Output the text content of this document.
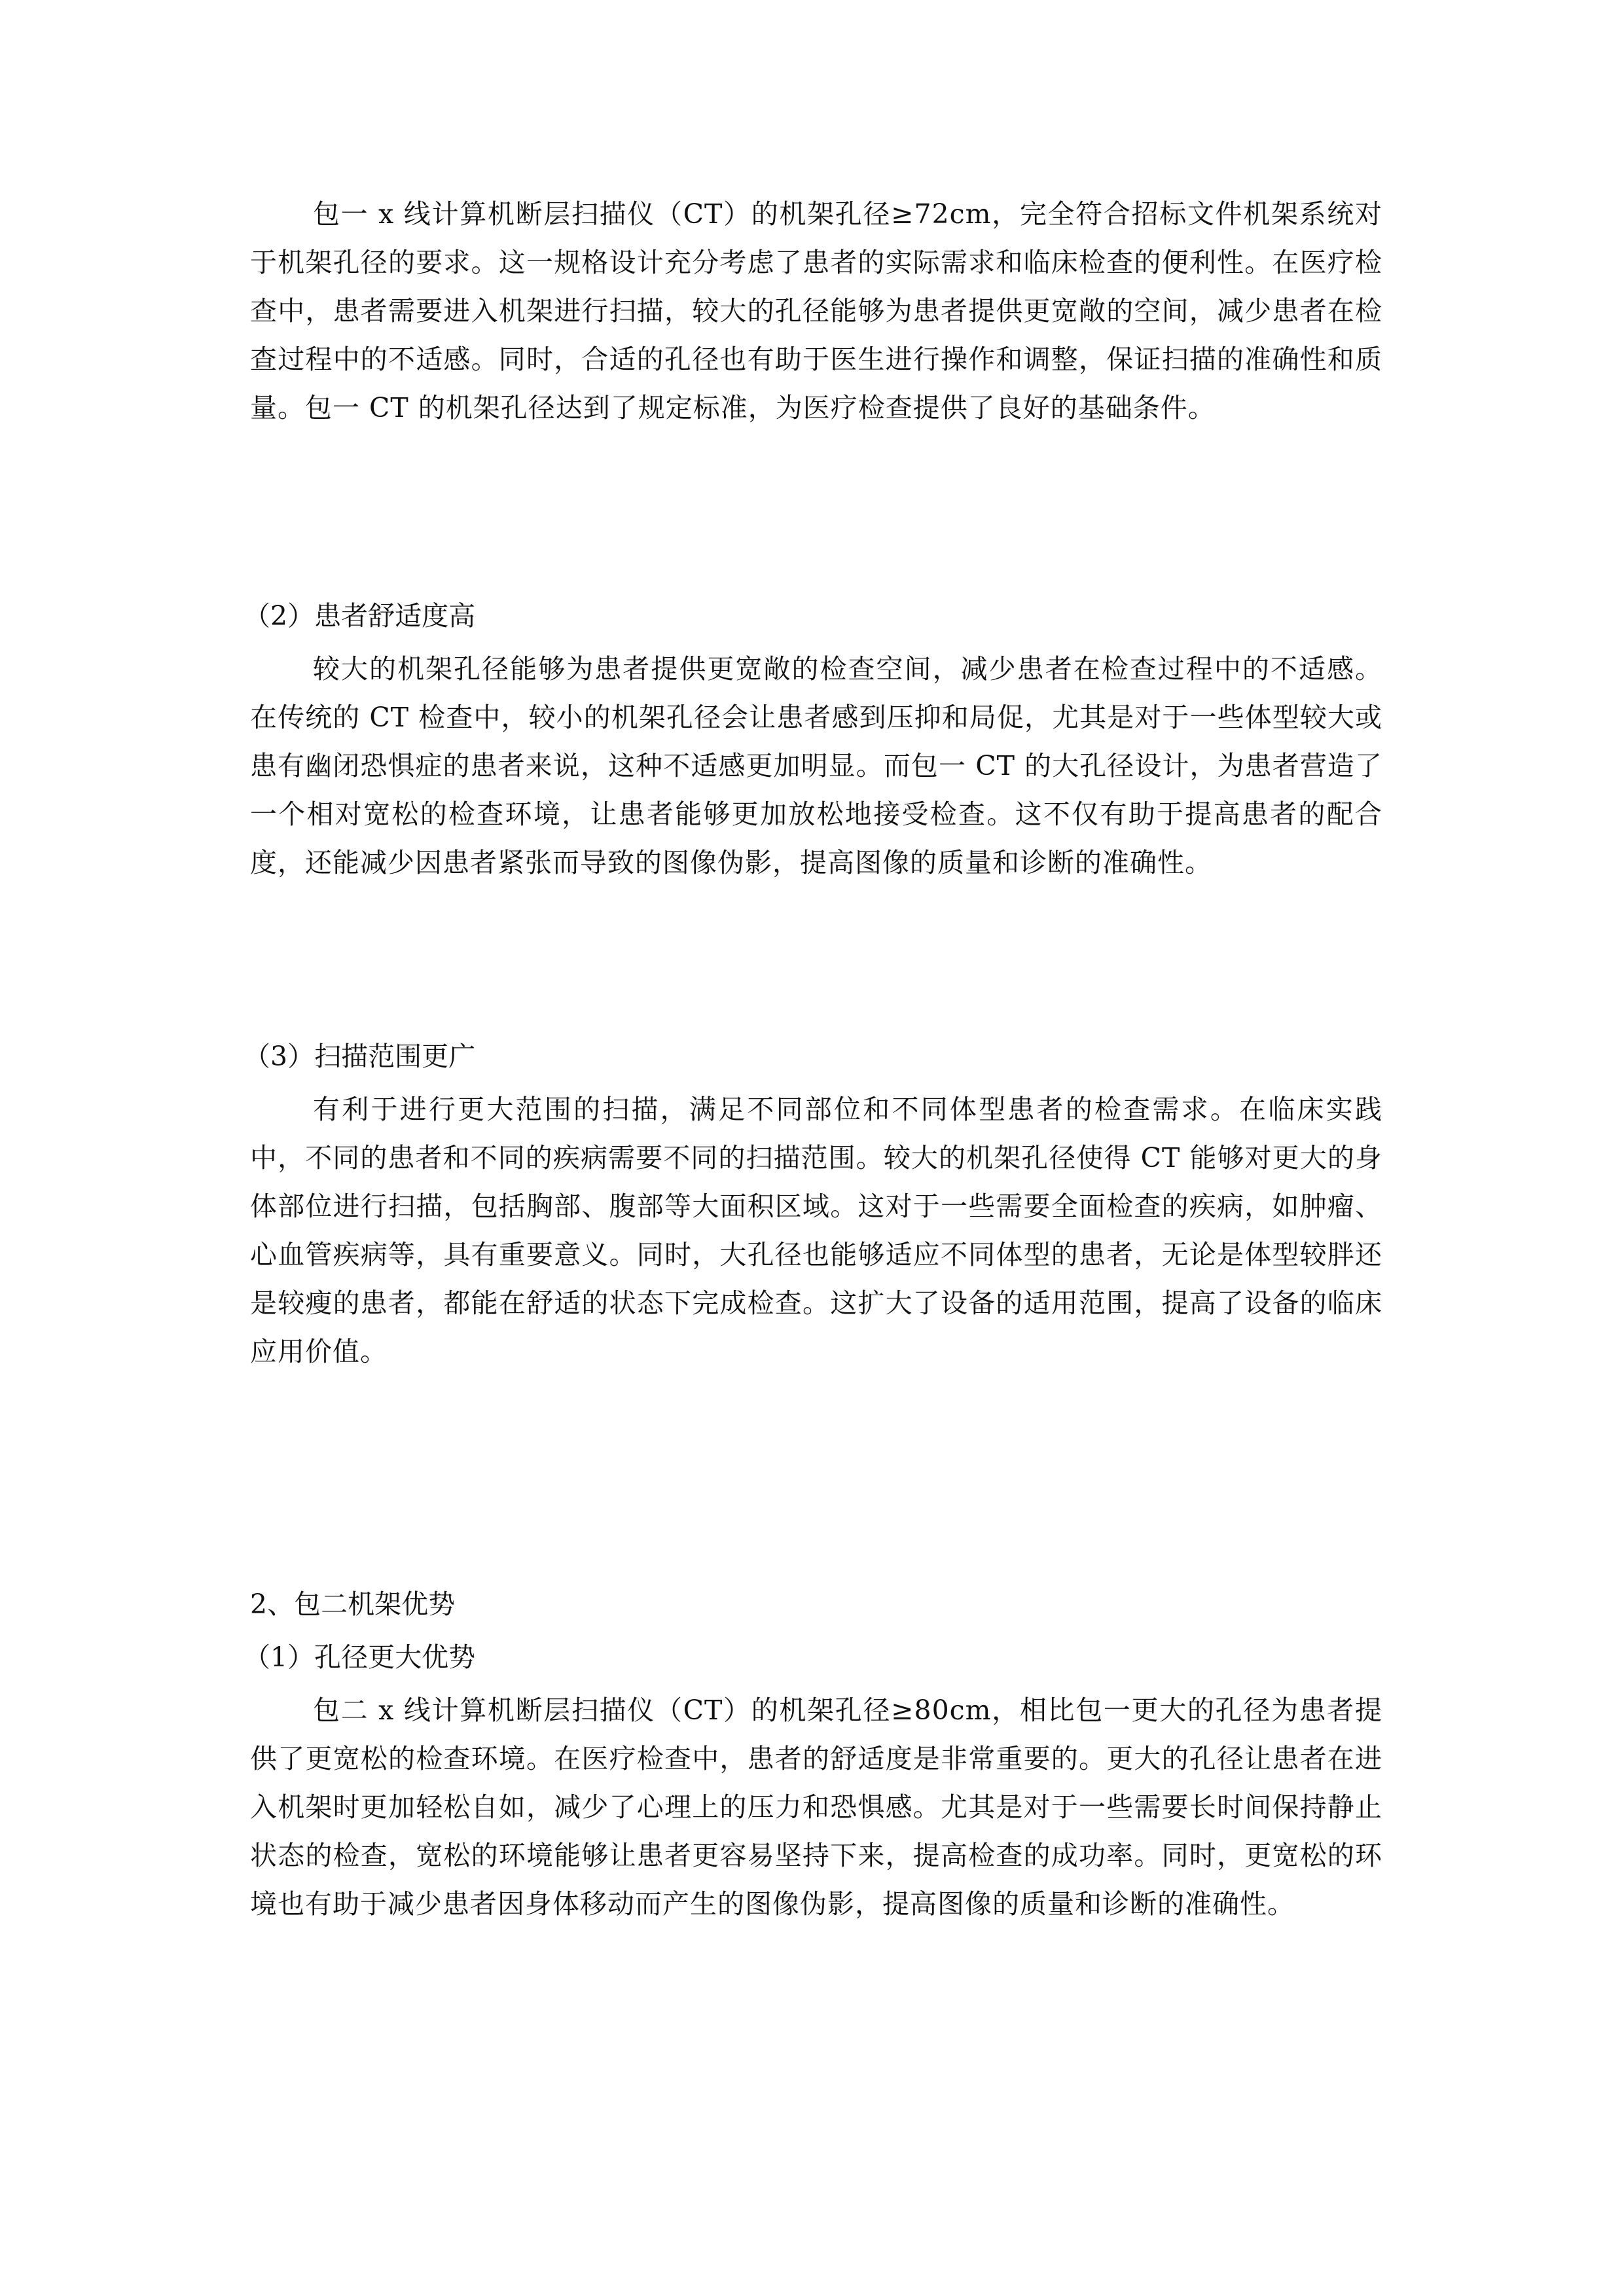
包一 x 线计算机断层扫描仪（CT）的机架孔径≥72cm，完全符合招标文件机架系统对于机架孔径的要求。这一规格设计充分考虑了患者的实际需求和临床检查的便利性。在医疗检查中，患者需要进入机架进行扫描，较大的孔径能够为患者提供更宽敞的空间，减少患者在检查过程中的不适感。同时，合适的孔径也有助于医生进行操作和调整，保证扫描的准确性和质量。包一 CT 的机架孔径达到了规定标准，为医疗检查提供了良好的基础条件。

（2）患者舒适度高

较大的机架孔径能够为患者提供更宽敞的检查空间，减少患者在检查过程中的不适感。在传统的 CT 检查中，较小的机架孔径会让患者感到压抑和局促，尤其是对于一些体型较大或患有幽闭恐惧症的患者来说，这种不适感更加明显。而包一 CT 的大孔径设计，为患者营造了一个相对宽松的检查环境，让患者能够更加放松地接受检查。这不仅有助于提高患者的配合度，还能减少因患者紧张而导致的图像伪影，提高图像的质量和诊断的准确性。

（3）扫描范围更广

有利于进行更大范围的扫描，满足不同部位和不同体型患者的检查需求。在临床实践中，不同的患者和不同的疾病需要不同的扫描范围。较大的机架孔径使得 CT 能够对更大的身体部位进行扫描，包括胸部、腹部等大面积区域。这对于一些需要全面检查的疾病，如肿瘤、心血管疾病等，具有重要意义。同时，大孔径也能够适应不同体型的患者，无论是体型较胖还是较瘦的患者，都能在舒适的状态下完成检查。这扩大了设备的适用范围，提高了设备的临床应用价值。

2、包二机架优势

（1）孔径更大优势

包二 x 线计算机断层扫描仪（CT）的机架孔径≥80cm，相比包一更大的孔径为患者提供了更宽松的检查环境。在医疗检查中，患者的舒适度是非常重要的。更大的孔径让患者在进入机架时更加轻松自如，减少了心理上的压力和恐惧感。尤其是对于一些需要长时间保持静止状态的检查，宽松的环境能够让患者更容易坚持下来，提高检查的成功率。同时，更宽松的环境也有助于减少患者因身体移动而产生的图像伪影，提高图像的质量和诊断的准确性。
